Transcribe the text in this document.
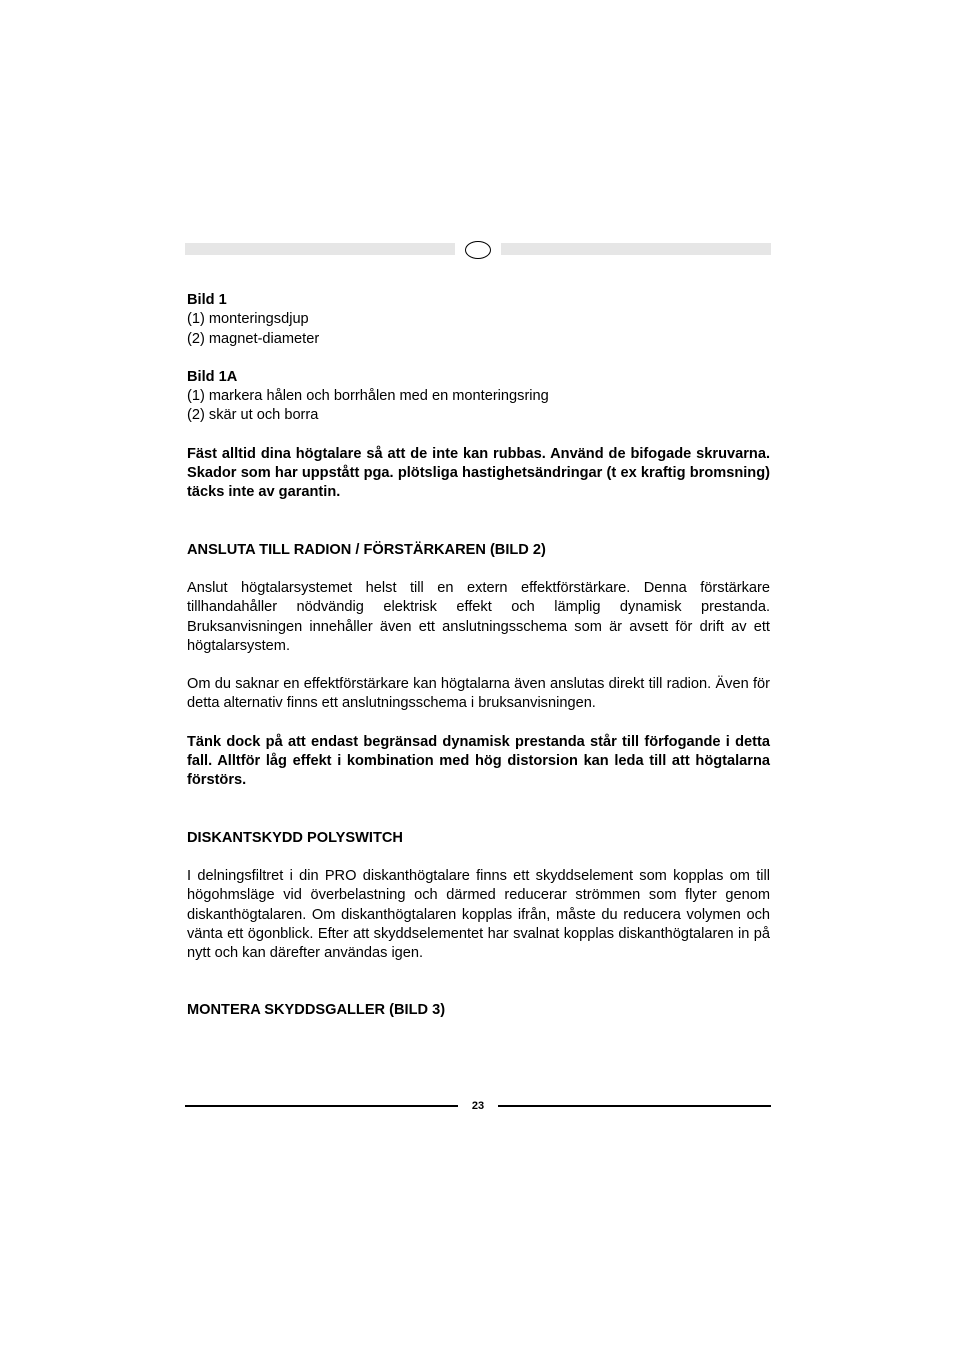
Bild 1

(1) monteringsdjup

(2) magnet-diameter

Bild 1A

(1) markera hålen och borrhålen med en monteringsring

(2) skär ut och borra

Fäst alltid dina högtalare så att de inte kan rubbas. Använd de bifogade skruvarna. Skador som har uppstått pga. plötsliga hastighetsändringar (t ex kraftig bromsning) täcks inte av garantin.

ANSLUTA TILL RADION / FÖRSTÄRKAREN (BILD 2)

Anslut högtalarsystemet helst till en extern effektförstärkare. Denna förstärkare tillhandahåller nödvändig elektrisk effekt och lämplig dynamisk prestanda. Bruksanvisningen innehåller även ett anslutningsschema som är avsett för drift av ett högtalarsystem.

Om du saknar en effektförstärkare kan högtalarna även anslutas direkt till radion. Även för detta alternativ finns ett anslutningsschema i bruksanvisningen.

Tänk dock på att endast begränsad dynamisk prestanda står till förfogande i detta fall. Alltför låg effekt i kombination med hög distorsion kan leda till att högtalarna förstörs.

DISKANTSKYDD POLYSWITCH

I delningsfiltret i din PRO diskanthögtalare finns ett skyddselement som kopplas om till högohmsläge vid överbelastning och därmed reducerar strömmen som flyter genom diskanthögtalaren. Om diskanthögtalaren kopplas ifrån, måste du reducera volymen och vänta ett ögonblick. Efter att skyddselementet har svalnat kopplas diskanthögtalaren in på nytt och kan därefter användas igen.

MONTERA SKYDDSGALLER (BILD 3)

23
